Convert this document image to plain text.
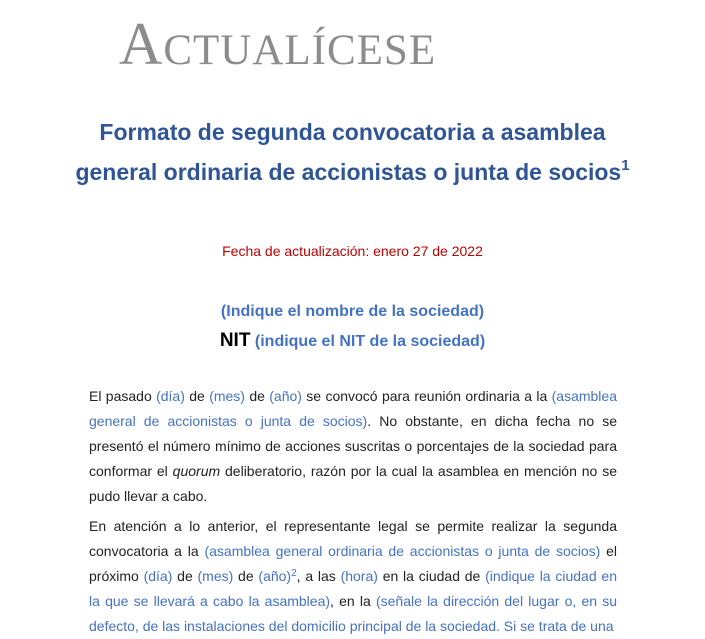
ACTUALÍCESE
Formato de segunda convocatoria a asamblea general ordinaria de accionistas o junta de socios$^1$
Fecha de actualización: enero 27 de 2022
(Indique el nombre de la sociedad)
NIT (indique el NIT de la sociedad)
El pasado (día) de (mes) de (año) se convocó para reunión ordinaria a la (asamblea general de accionistas o junta de socios). No obstante, en dicha fecha no se presentó el número mínimo de acciones suscritas o porcentajes de la sociedad para conformar el quorum deliberatorio, razón por la cual la asamblea en mención no se pudo llevar a cabo.
En atención a lo anterior, el representante legal se permite realizar la segunda convocatoria a la (asamblea general ordinaria de accionistas o junta de socios) el próximo (día) de (mes) de (año)$^2$, a las (hora) en la ciudad de (indique la ciudad en la que se llevará a cabo la asamblea), en la (señale la dirección del lugar o, en su defecto, de las instalaciones del domicilio principal de la sociedad. Si se trata de una
